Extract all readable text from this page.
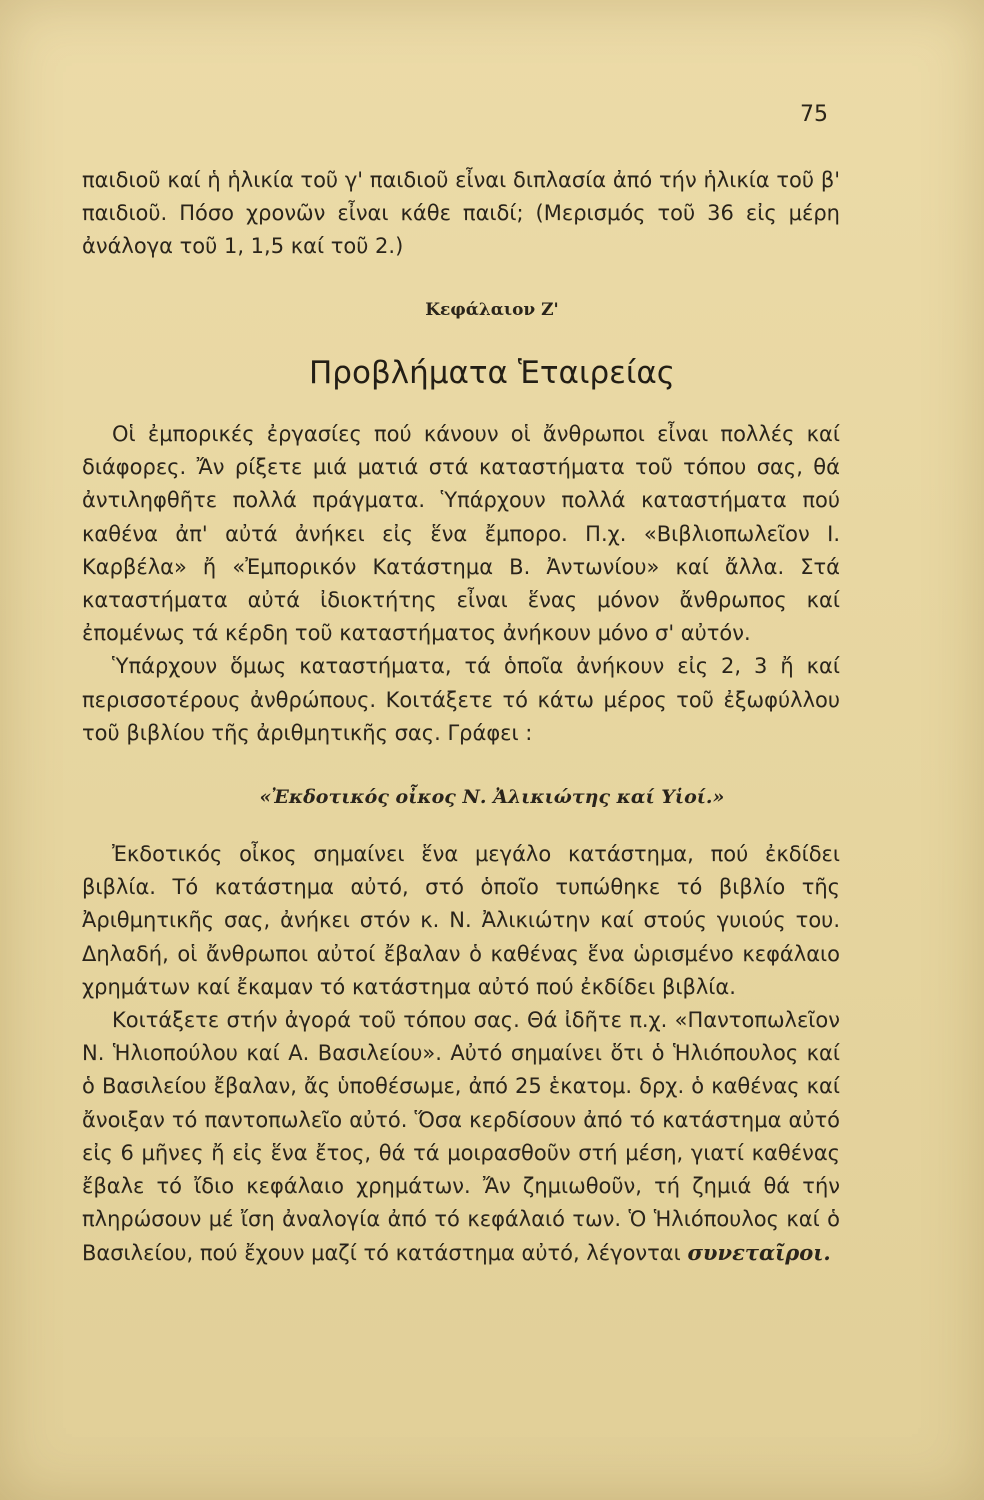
75

παιδιοῦ καί ἡ ἡλικία τοῦ γ' παιδιοῦ εἶναι διπλασία ἀπό τήν ἡλικία τοῦ β' παιδιοῦ. Πόσο χρονῶν εἶναι κάθε παιδί; (Μερισμός τοῦ 36 εἰς μέρη ἀνάλογα τοῦ 1, 1,5 καί τοῦ 2.)

Κεφάλαιον Ζ'
Προβλήματα Ἑταιρείας

Οἱ ἐμπορικές ἐργασίες πού κάνουν οἱ ἄνθρωποι εἶναι πολλές καί διάφορες. Ἄν ρίξετε μιά ματιά στά καταστήματα τοῦ τόπου σας, θά ἀντιληφθῆτε πολλά πράγματα. Ὑπάρχουν πολλά καταστήματα πού καθένα ἀπ' αὐτά ἀνήκει εἰς ἕνα ἔμπορο. Π.χ. «Βιβλιοπωλεῖον Ι. Καρβέλα» ἤ «Ἐμπορικόν Κατάστημα Β. Ἀντωνίου» καί ἄλλα. Στά καταστήματα αὐτά ἰδιοκτήτης εἶναι ἕνας μόνον ἄνθρωπος καί ἐπομένως τά κέρδη τοῦ καταστήματος ἀνήκουν μόνο σ' αὐτόν.

Ὑπάρχουν ὅμως καταστήματα, τά ὁποῖα ἀνήκουν εἰς 2, 3 ἤ καί περισσοτέρους ἀνθρώπους. Κοιτάξετε τό κάτω μέρος τοῦ ἐξωφύλλου τοῦ βιβλίου τῆς ἀριθμητικῆς σας. Γράφει :

«Ἐκδοτικός οἶκος Ν. Ἀλικιώτης καί Υἱοί.»

Ἐκδοτικός οἶκος σημαίνει ἕνα μεγάλο κατάστημα, πού ἐκδίδει βιβλία. Τό κατάστημα αὐτό, στό ὁποῖο τυπώθηκε τό βιβλίο τῆς Ἀριθμητικῆς σας, ἀνήκει στόν κ. Ν. Ἀλικιώτην καί στούς γυιούς του. Δηλαδή, οἱ ἄνθρωποι αὐτοί ἔβαλαν ὁ καθένας ἕνα ὡρισμένο κεφάλαιο χρημάτων καί ἔκαμαν τό κατάστημα αὐτό πού ἐκδίδει βιβλία.

Κοιτάξετε στήν ἀγορά τοῦ τόπου σας. Θά ἰδῆτε π.χ. «Παντοπωλεῖον Ν. Ἡλιοπούλου καί Α. Βασιλείου». Αὐτό σημαίνει ὅτι ὁ Ἡλιόπουλος καί ὁ Βασιλείου ἔβαλαν, ἄς ὑποθέσωμε, ἀπό 25 ἑκατομ. δρχ. ὁ καθένας καί ἄνοιξαν τό παντοπωλεῖο αὐτό. Ὅσα κερδίσουν ἀπό τό κατάστημα αὐτό εἰς 6 μῆνες ἤ εἰς ἕνα ἔτος, θά τά μοιρασθοῦν στή μέση, γιατί καθένας ἔβαλε τό ἴδιο κεφάλαιο χρημάτων. Ἄν ζημιωθοῦν, τή ζημιά θά τήν πληρώσουν μέ ἴση ἀναλογία ἀπό τό κεφάλαιό των. Ὁ Ἡλιόπουλος καί ὁ Βασιλείου, πού ἔχουν μαζί τό κατάστημα αὐτό, λέγονται συνεταῖροι.
